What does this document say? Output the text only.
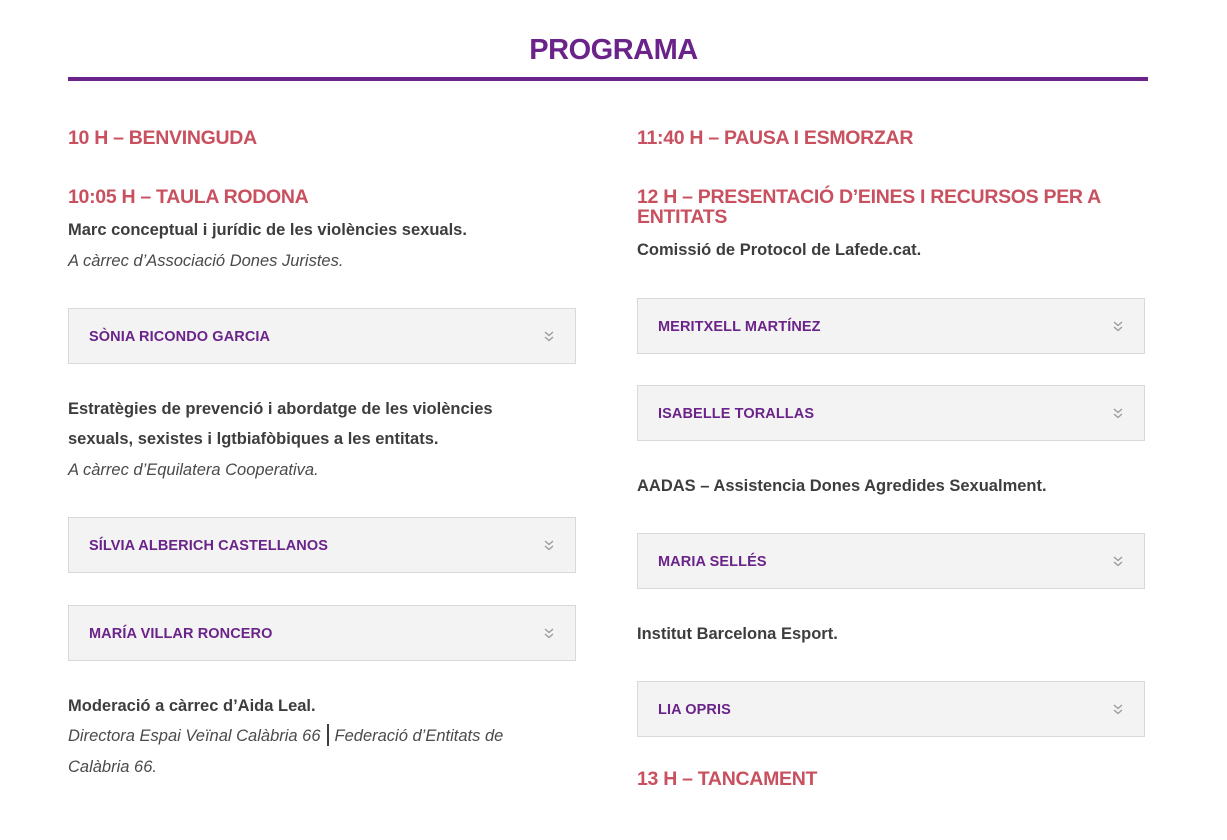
PROGRAMA
10 H – BENVINGUDA
10:05 H – TAULA RODONA

Marc conceptual i jurídic de les violències sexuals.

A càrrec d’Associació Dones Juristes.

SÒNIA RICONDO GARCIA

Estratègies de prevenció i abordatge de les violències

sexuals, sexistes i lgtbiafòbiques a les entitats.

A càrrec d’Equilatera Cooperativa.

SÍLVIA ALBERICH CASTELLANOS
MARÍA VILLAR RONCERO

Moderació a càrrec d’Aida Leal.

Directora Espai Veïnal Calàbria 66 Federació d’Entitats de

Calàbria 66.

11:40 H – PAUSA I ESMORZAR
12 H – PRESENTACIÓ D’EINES I RECURSOS PER A
ENTITATS

Comissió de Protocol de Lafede.cat.

MERITXELL MARTÍNEZ
ISABELLE TORALLAS

AADAS – Assistencia Dones Agredides Sexualment.

MARIA SELLÉS

Institut Barcelona Esport.

LIA OPRIS
13 H – TANCAMENT
